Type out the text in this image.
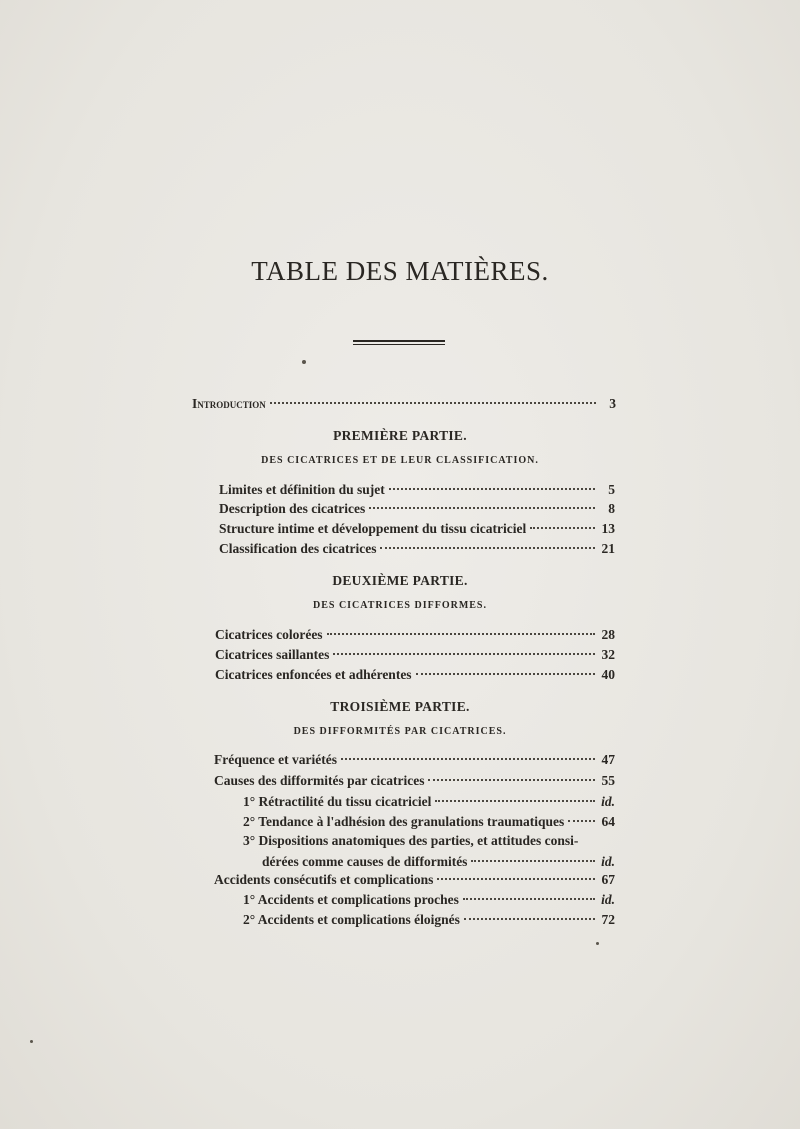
TABLE DES MATIÈRES.
Introduction	3
PREMIÈRE PARTIE.
DES CICATRICES ET DE LEUR CLASSIFICATION.
Limites et définition du sujet	5
Description des cicatrices	8
Structure intime et développement du tissu cicatriciel	13
Classification des cicatrices	21
DEUXIÈME PARTIE.
DES CICATRICES DIFFORMES.
Cicatrices colorées	28
Cicatrices saillantes	32
Cicatrices enfoncées et adhérentes	40
TROISIÈME PARTIE.
DES DIFFORMITÉS PAR CICATRICES.
Fréquence et variétés	47
Causes des difformités par cicatrices	55
1° Rétractilité du tissu cicatriciel	id.
2° Tendance à l'adhésion des granulations traumatiques	64
3° Dispositions anatomiques des parties, et attitudes consi-
dérées comme causes de difformités	id.
Accidents consécutifs et complications	67
1° Accidents et complications proches	id.
2° Accidents et complications éloignés	72
